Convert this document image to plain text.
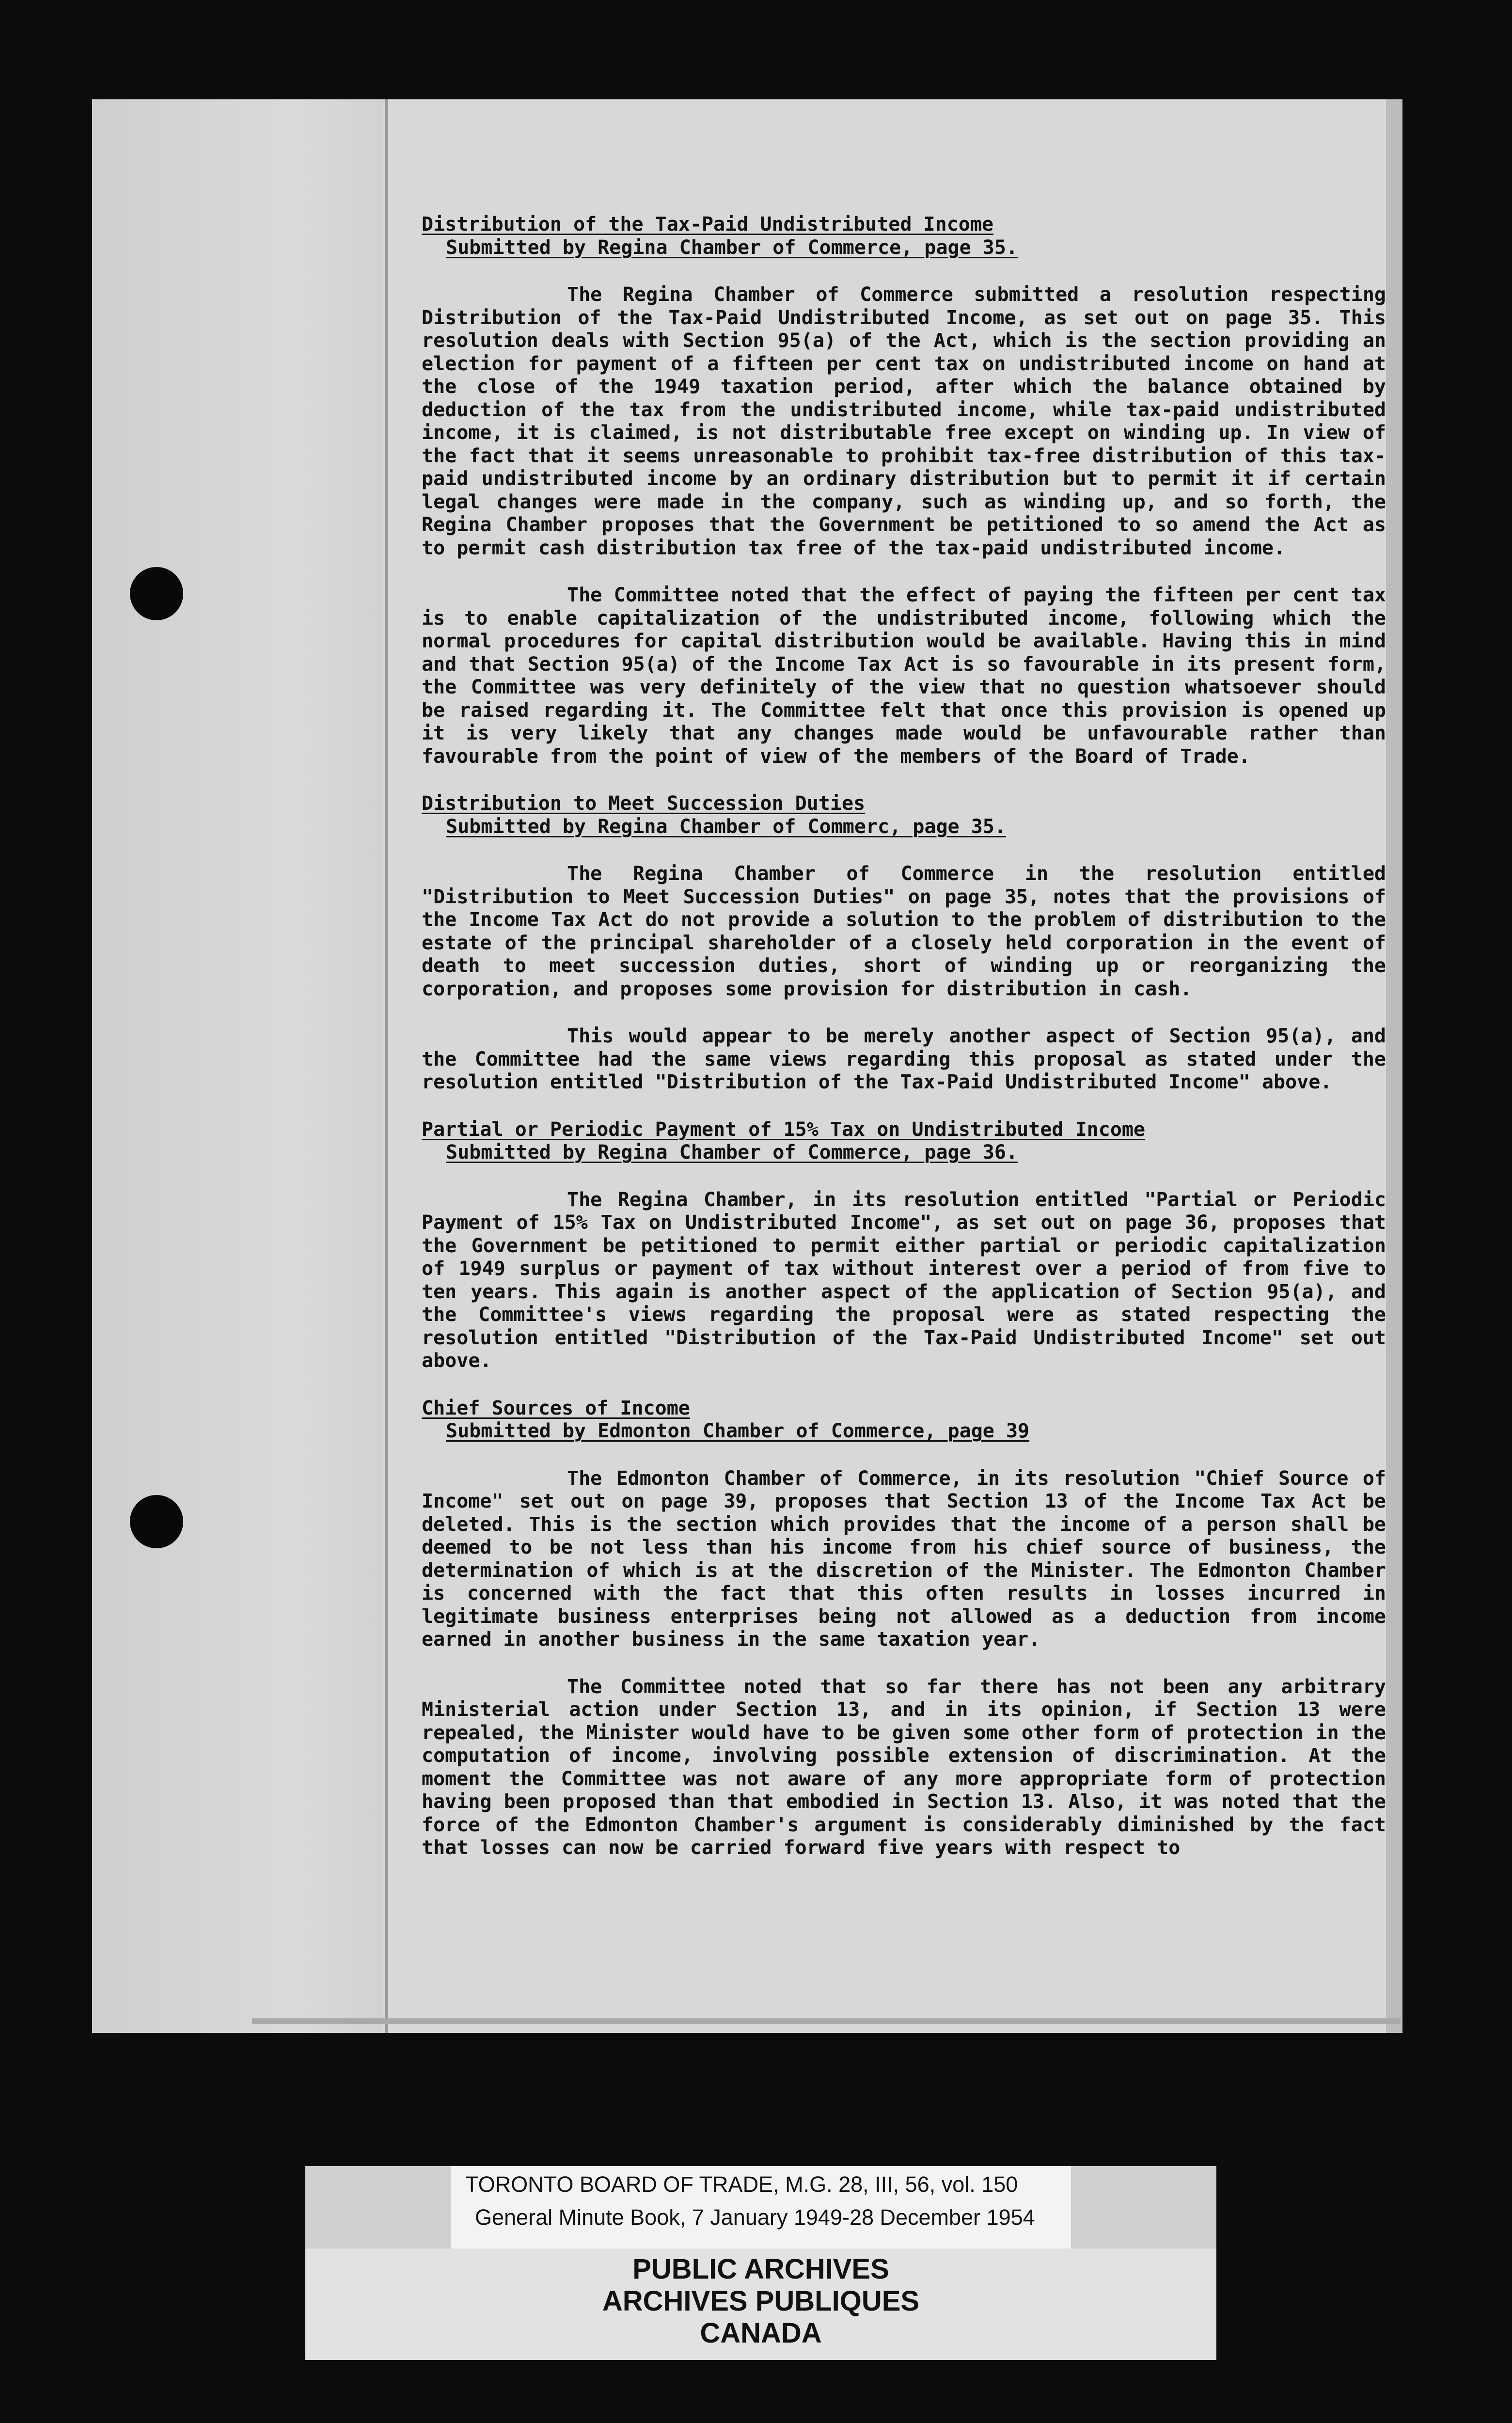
Distribution of the Tax-Paid Undistributed Income
Submitted by Regina Chamber of Commerce, page 35.
The Regina Chamber of Commerce submitted a resolution respecting Distribution of the Tax-Paid Undistributed Income, as set out on page 35. This resolution deals with Section 95(a) of the Act, which is the section providing an election for payment of a fifteen per cent tax on undistributed income on hand at the close of the 1949 taxation period, after which the balance obtained by deduction of the tax from the undistributed income, while tax-paid undistributed income, it is claimed, is not distributable free except on winding up. In view of the fact that it seems unreasonable to prohibit tax-free distribution of this tax-paid undistributed income by an ordinary distribution but to permit it if certain legal changes were made in the company, such as winding up, and so forth, the Regina Chamber proposes that the Government be petitioned to so amend the Act as to permit cash distribution tax free of the tax-paid undistributed income.
The Committee noted that the effect of paying the fifteen per cent tax is to enable capitalization of the undistributed income, following which the normal procedures for capital distribution would be available. Having this in mind and that Section 95(a) of the Income Tax Act is so favourable in its present form, the Committee was very definitely of the view that no question whatsoever should be raised regarding it. The Committee felt that once this provision is opened up it is very likely that any changes made would be unfavourable rather than favourable from the point of view of the members of the Board of Trade.
Distribution to Meet Succession Duties
Submitted by Regina Chamber of Commerc, page 35.
The Regina Chamber of Commerce in the resolution entitled "Distribution to Meet Succession Duties" on page 35, notes that the provisions of the Income Tax Act do not provide a solution to the problem of distribution to the estate of the principal shareholder of a closely held corporation in the event of death to meet succession duties, short of winding up or reorganizing the corporation, and proposes some provision for distribution in cash.
This would appear to be merely another aspect of Section 95(a), and the Committee had the same views regarding this proposal as stated under the resolution entitled "Distribution of the Tax-Paid Undistributed Income" above.
Partial or Periodic Payment of 15% Tax on Undistributed Income
Submitted by Regina Chamber of Commerce, page 36.
The Regina Chamber, in its resolution entitled "Partial or Periodic Payment of 15% Tax on Undistributed Income", as set out on page 36, proposes that the Government be petitioned to permit either partial or periodic capitalization of 1949 surplus or payment of tax without interest over a period of from five to ten years. This again is another aspect of the application of Section 95(a), and the Committee's views regarding the proposal were as stated respecting the resolution entitled "Distribution of the Tax-Paid Undistributed Income" set out above.
Chief Sources of Income
Submitted by Edmonton Chamber of Commerce, page 39
The Edmonton Chamber of Commerce, in its resolution "Chief Source of Income" set out on page 39, proposes that Section 13 of the Income Tax Act be deleted. This is the section which provides that the income of a person shall be deemed to be not less than his income from his chief source of business, the determination of which is at the discretion of the Minister. The Edmonton Chamber is concerned with the fact that this often results in losses incurred in legitimate business enterprises being not allowed as a deduction from income earned in another business in the same taxation year.
The Committee noted that so far there has not been any arbitrary Ministerial action under Section 13, and in its opinion, if Section 13 were repealed, the Minister would have to be given some other form of protection in the computation of income, involving possible extension of discrimination. At the moment the Committee was not aware of any more appropriate form of protection having been proposed than that embodied in Section 13. Also, it was noted that the force of the Edmonton Chamber's argument is considerably diminished by the fact that losses can now be carried forward five years with respect to
TORONTO BOARD OF TRADE, M.G. 28, III, 56, vol. 150
General Minute Book, 7 January 1949-28 December 1954
PUBLIC ARCHIVES
ARCHIVES PUBLIQUES
CANADA
